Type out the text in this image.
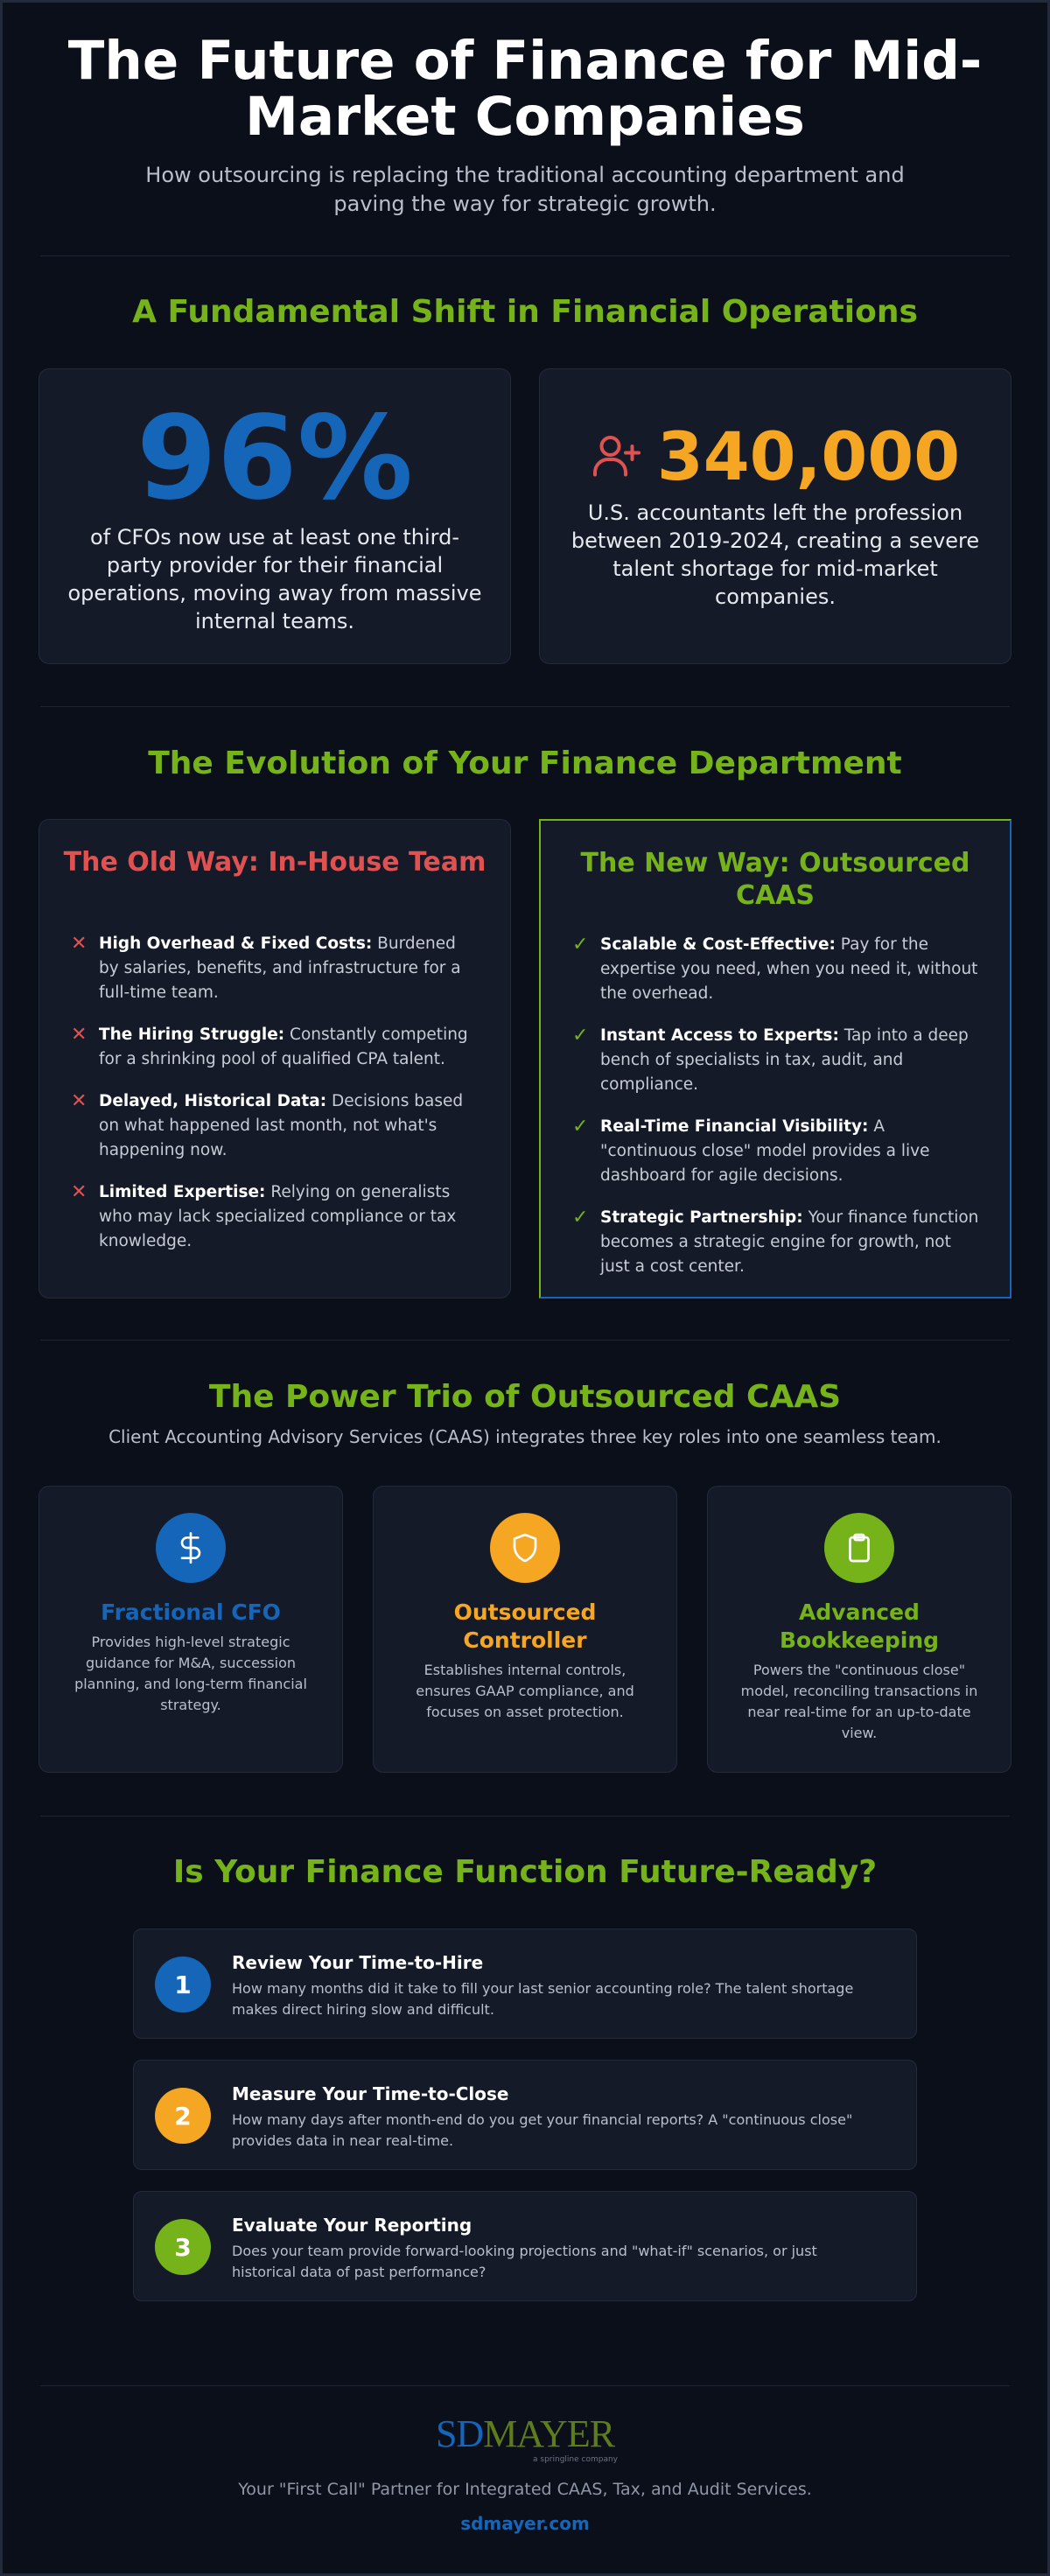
The Future of Finance for Mid-Market Companies
How outsourcing is replacing the traditional accounting department and paving the way for strategic growth.
A Fundamental Shift in Financial Operations
96%
of CFOs now use at least one third-party provider for their financial operations, moving away from massive internal teams.
340,000
U.S. accountants left the profession between 2019-2024, creating a severe talent shortage for mid-market companies.
The Evolution of Your Finance Department
The Old Way: In-House Team
✕ High Overhead & Fixed Costs: Burdened by salaries, benefits, and infrastructure for a full-time team.
✕ The Hiring Struggle: Constantly competing for a shrinking pool of qualified CPA talent.
✕ Delayed, Historical Data: Decisions based on what happened last month, not what's happening now.
✕ Limited Expertise: Relying on generalists who may lack specialized compliance or tax knowledge.
The New Way: Outsourced CAAS
✓ Scalable & Cost-Effective: Pay for the expertise you need, when you need it, without the overhead.
✓ Instant Access to Experts: Tap into a deep bench of specialists in tax, audit, and compliance.
✓ Real-Time Financial Visibility: A "continuous close" model provides a live dashboard for agile decisions.
✓ Strategic Partnership: Your finance function becomes a strategic engine for growth, not just a cost center.
The Power Trio of Outsourced CAAS
Client Accounting Advisory Services (CAAS) integrates three key roles into one seamless team.
Fractional CFO
Provides high-level strategic guidance for M&A, succession planning, and long-term financial strategy.
Outsourced Controller
Establishes internal controls, ensures GAAP compliance, and focuses on asset protection.
Advanced Bookkeeping
Powers the "continuous close" model, reconciling transactions in near real-time for an up-to-date view.
Is Your Finance Function Future-Ready?
1
Review Your Time-to-Hire
How many months did it take to fill your last senior accounting role? The talent shortage makes direct hiring slow and difficult.
2
Measure Your Time-to-Close
How many days after month-end do you get your financial reports? A "continuous close" provides data in near real-time.
3
Evaluate Your Reporting
Does your team provide forward-looking projections and "what-if" scenarios, or just historical data of past performance?
SDMAYER
a springline company
Your "First Call" Partner for Integrated CAAS, Tax, and Audit Services.
sdmayer.com
